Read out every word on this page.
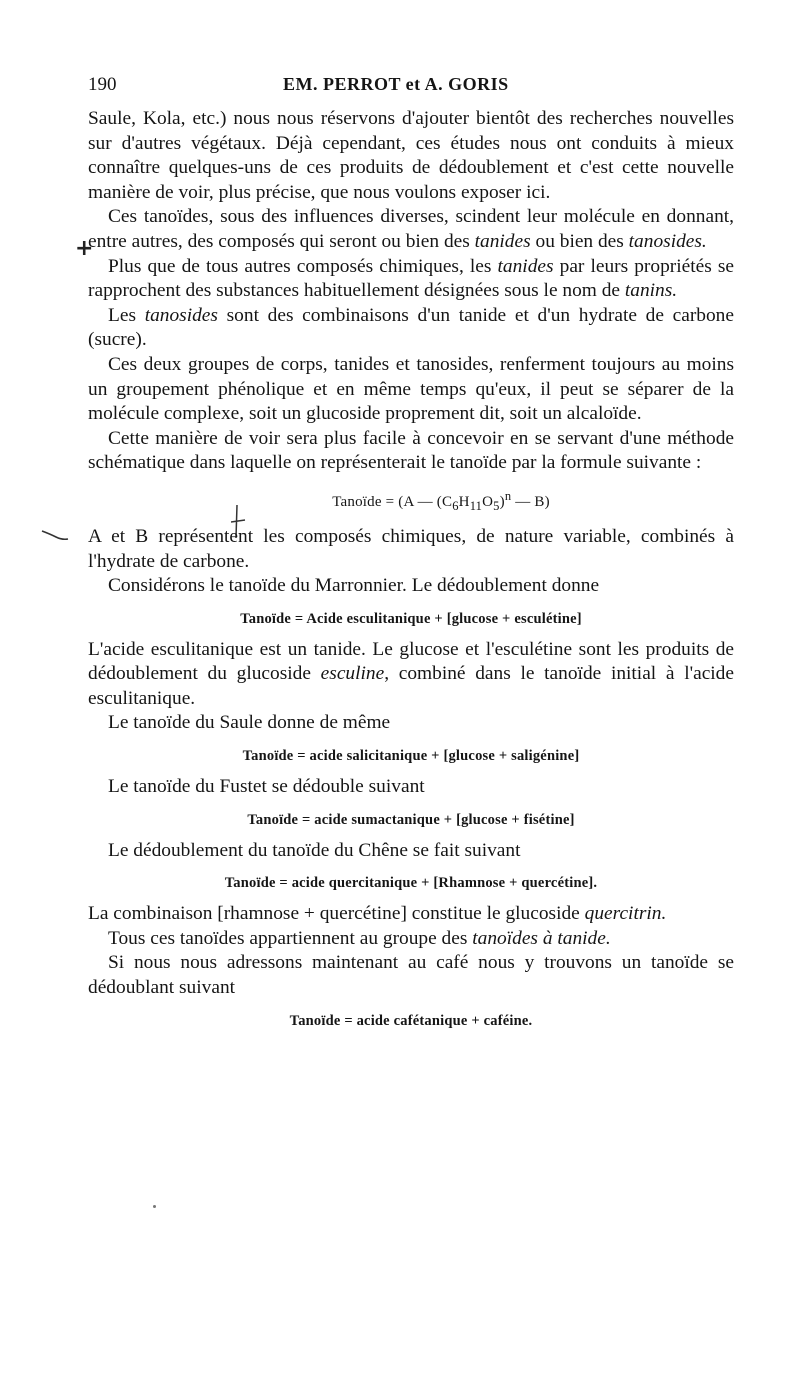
190	EM. PERROT et A. GORIS
+

Saule, Kola, etc.) nous nous réservons d'ajouter bientôt des recherches nouvelles sur d'autres végétaux. Déjà cependant, ces études nous ont conduits à mieux connaître quelques-uns de ces produits de dédoublement et c'est cette nouvelle manière de voir, plus précise, que nous voulons exposer ici.

Ces tanoïdes, sous des influences diverses, scindent leur molécule en donnant, entre autres, des composés qui seront ou bien des tanides ou bien des tanosides.

Plus que de tous autres composés chimiques, les tanides par leurs propriétés se rapprochent des substances habituellement désignées sous le nom de tanins.

Les tanosides sont des combinaisons d'un tanide et d'un hydrate de carbone (sucre).

Ces deux groupes de corps, tanides et tanosides, renferment toujours au moins un groupement phénolique et en même temps qu'eux, il peut se séparer de la molécule complexe, soit un glucoside proprement dit, soit un alcaloïde.

Cette manière de voir sera plus facile à concevoir en se servant d'une méthode schématique dans laquelle on représenterait le tanoïde par la formule suivante :

Tanoïde = (A — $(C_6H_{11}O_5)^n$ — B)

A et B représentent les composés chimiques, de nature variable, combinés à l'hydrate de carbone.

Considérons le tanoïde du Marronnier. Le dédoublement donne

Tanoïde = Acide esculitanique + [glucose + esculétine]

L'acide esculitanique est un tanide. Le glucose et l'esculétine sont les produits de dédoublement du glucoside esculine, combiné dans le tanoïde initial à l'acide esculitanique.

Le tanoïde du Saule donne de même

Tanoïde = acide salicitanique + [glucose + saligénine]

Le tanoïde du Fustet se dédouble suivant

Tanoïde = acide sumactanique + [glucose + fisétine]

Le dédoublement du tanoïde du Chêne se fait suivant

Tanoïde = acide quercitanique + [Rhamnose + quercétine].

La combinaison [rhamnose + quercétine] constitue le glucoside quercitrin.

Tous ces tanoïdes appartiennent au groupe des tanoïdes à tanide.

Si nous nous adressons maintenant au café nous y trouvons un tanoïde se dédoublant suivant

Tanoïde = acide cafétanique + caféine.
